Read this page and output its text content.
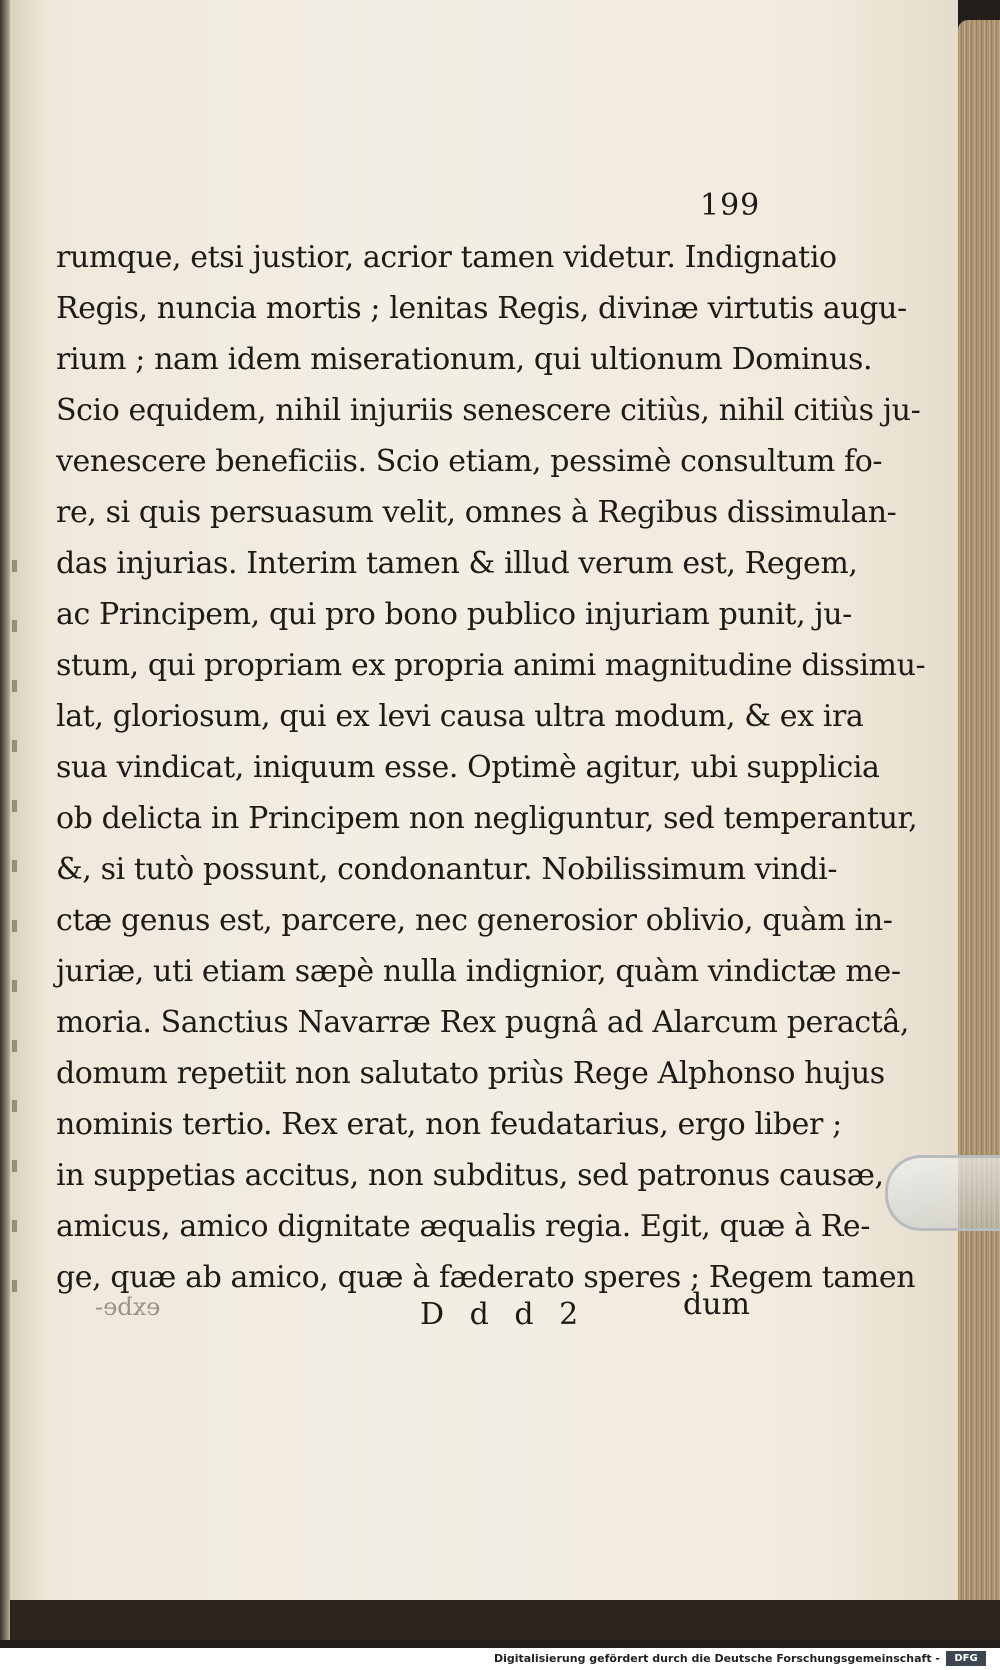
199
rumque, etsi justior, acrior tamen videtur. Indignatio
Regis, nuncia mortis ; lenitas Regis, divinæ virtutis augu-
rium ; nam idem miserationum, qui ultionum Dominus.
Scio equidem, nihil injuriis senescere citiùs, nihil citiùs ju-
venescere beneficiis. Scio etiam, pessimè consultum fo-
re, si quis persuasum velit, omnes à Regibus dissimulan-
das injurias. Interim tamen & illud verum est, Regem,
ac Principem, qui pro bono publico injuriam punit, ju-
stum, qui propriam ex propria animi magnitudine dissimu-
lat, gloriosum, qui ex levi causa ultra modum, & ex ira
sua vindicat, iniquum esse. Optimè agitur, ubi supplicia
ob delicta in Principem non negliguntur, sed temperantur,
&, si tutò possunt, condonantur. Nobilissimum vindi-
ctæ genus est, parcere, nec generosior oblivio, quàm in-
juriæ, uti etiam sæpè nulla indignior, quàm vindictæ me-
moria. Sanctius Navarræ Rex pugnâ ad Alarcum peractâ,
domum repetiit non salutato priùs Rege Alphonso hujus
nominis tertio. Rex erat, non feudatarius, ergo liber ;
in suppetias accitus, non subditus, sed patronus causæ,
amicus, amico dignitate æqualis regia. Egit, quæ à Re-
ge, quæ ab amico, quæ à fæderato speres ; Regem tamen
exbe-	D d d 2	dum
Digitalisierung gefördert durch die Deutsche Forschungsgemeinschaft -	DFG
